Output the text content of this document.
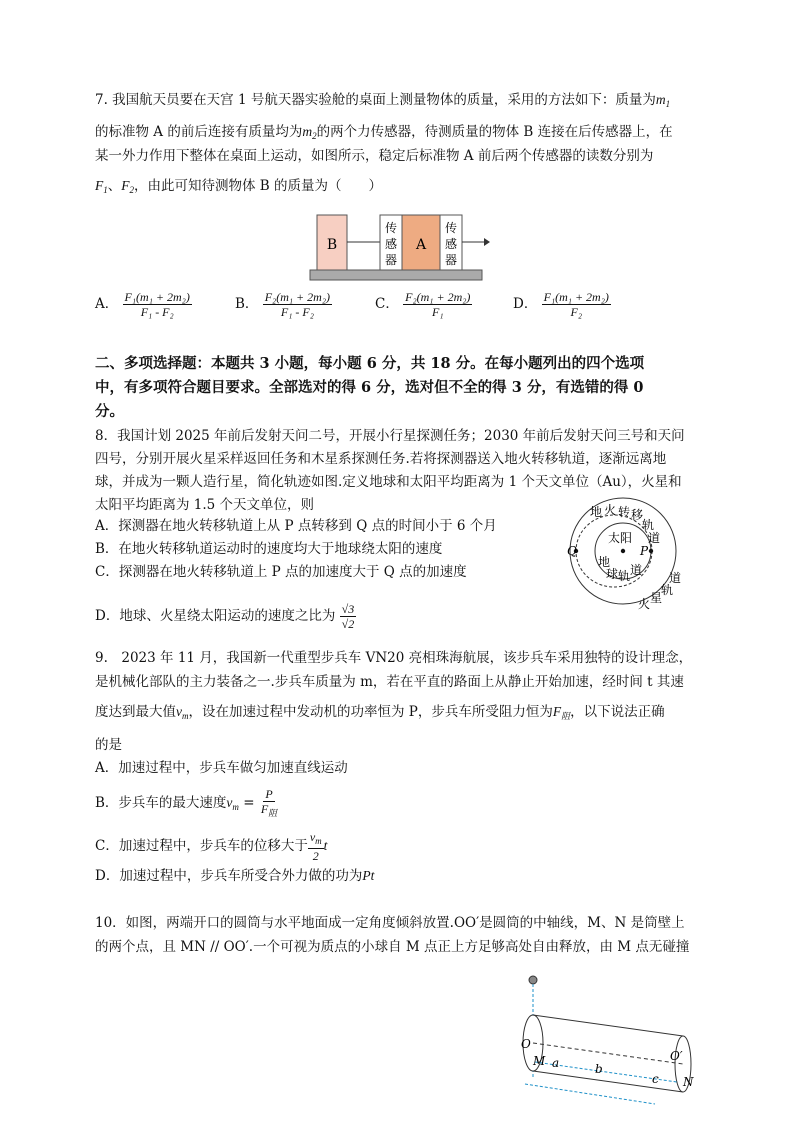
7. 我国航天员要在天宫 1 号航天器实验舱的桌面上测量物体的质量，采用的方法如下：质量为$m_1$
的标准物 A 的前后连接有质量均为$m_2$的两个力传感器，待测质量的物体 B 连接在后传感器上，在
某一外力作用下整体在桌面上运动，如图所示，稳定后标准物 A 前后两个传感器的读数分别为
$F_1$、$F_2$，由此可知待测物体 B 的质量为（　　）
B
传
感
器
A
传
感
器
A． $\frac{\text{F₁(m₁ + 2m₂)}}{\text{F₁ - F₂}}$	B． $\frac{\text{F₂(m₁ + 2m₂)}}{\text{F₁ - F₂}}$	C． $\frac{\text{F₂(m₁ + 2m₂)}}{\text{F₁}}$	D． $\frac{\text{F₁(m₁ + 2m₂)}}{\text{F₂}}$
二、多项选择题：本题共 3 小题，每小题 6 分，共 18 分。在每小题列出的四个选项
中，有多项符合题目要求。全部选对的得 6 分，选对但不全的得 3 分，有选错的得 0
分。
8．我国计划 2025 年前后发射天问二号，开展小行星探测任务；2030 年前后发射天问三号和天问
四号，分别开展火星采样返回任务和木星系探测任务.若将探测器送入地火转移轨道，逐渐远离地
球，并成为一颗人造行星，简化轨迹如图.定义地球和太阳平均距离为 1 个天文单位（Au），火星和
太阳平均距离为 1.5 个天文单位，则
A．探测器在地火转移轨道上从 P 点转移到 Q 点的时间小于 6 个月
B．在地火转移轨道运动时的速度均大于地球绕太阳的速度
C．探测器在地火转移轨道上 P 点的加速度大于 Q 点的加速度
D．地球、火星绕太阳运动的速度之比为 $\frac{√3}{√2}$
太阳
P
Q
地 火 转 移
轨
道
地
球 轨 道
火 星
轨
道
9.　2023 年 11 月，我国新一代重型步兵车 VN20 亮相珠海航展，该步兵车采用独特的设计理念，
是机械化部队的主力装备之一.步兵车质量为 m，若在平直的路面上从静止开始加速，经时间 t 其速
度达到最大值$v_m$，设在加速过程中发动机的功率恒为 P，步兵车所受阻力恒为$F_阻$，以下说法正确
的是
A．加速过程中，步兵车做匀加速直线运动
B．步兵车的最大速度$v_m = \frac{P}{F_阻}$
C．加速过程中，步兵车的位移大于 $\frac{v_m}{2}$ t
D．加速过程中，步兵车所受合外力做的功为Pt
10．如图，两端开口的圆筒与水平地面成一定角度倾斜放置.OO′是圆筒的中轴线，M、N 是筒壁上
的两个点，且 MN // OO′.一个可视为质点的小球自 M 点正上方足够高处自由释放，由 M 点无碰撞
O
O′
M
N
a	b
c
